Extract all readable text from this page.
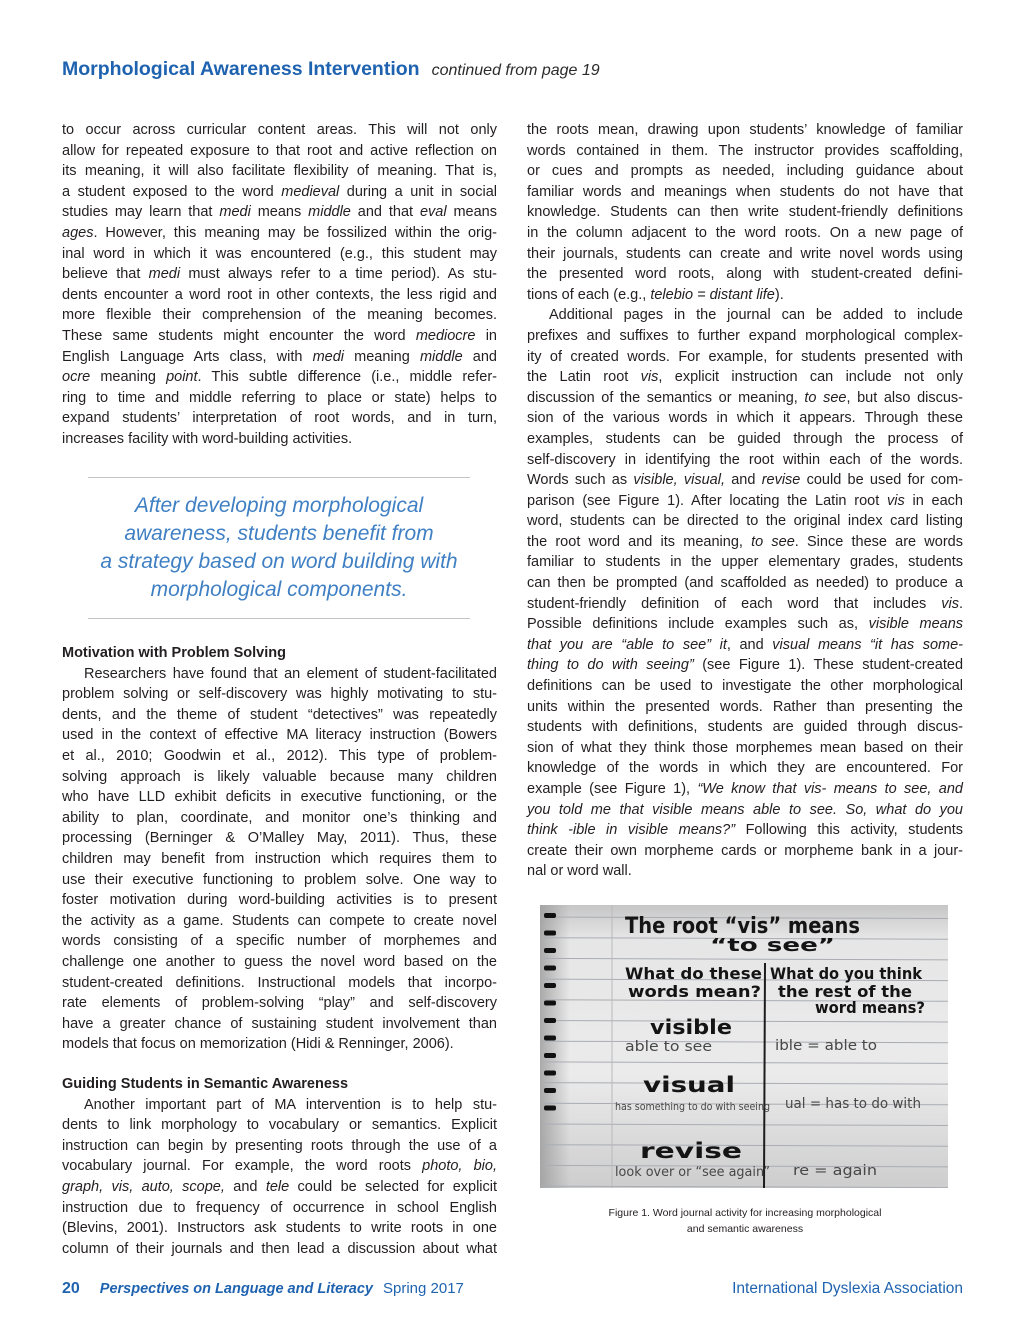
Morphological Awareness Intervention continued from page 19
to occur across curricular content areas. This will not only
allow for repeated exposure to that root and active reflection on
its meaning, it will also facilitate flexibility of meaning. That is,
a student exposed to the word medieval during a unit in social
studies may learn that medi means middle and that eval means
ages. However, this meaning may be fossilized within the orig-
inal word in which it was encountered (e.g., this student may
believe that medi must always refer to a time period). As stu-
dents encounter a word root in other contexts, the less rigid and
more flexible their comprehension of the meaning becomes.
These same students might encounter the word mediocre in
English Language Arts class, with medi meaning middle and
ocre meaning point. This subtle difference (i.e., middle refer-
ring to time and middle referring to place or state) helps to
expand students’ interpretation of root words, and in turn,
increases facility with word-building activities.
After developing morphological
awareness, students benefit from
a strategy based on word building with
morphological components.
Motivation with Problem Solving
Researchers have found that an element of student-facilitated
problem solving or self-discovery was highly motivating to stu-
dents, and the theme of student “detectives” was repeatedly
used in the context of effective MA literacy instruction (Bowers
et al., 2010; Goodwin et al., 2012). This type of problem-
solving approach is likely valuable because many children
who have LLD exhibit deficits in executive functioning, or the
ability to plan, coordinate, and monitor one’s thinking and
processing (Berninger & O’Malley May, 2011). Thus, these
children may benefit from instruction which requires them to
use their executive functioning to problem solve. One way to
foster motivation during word-building activities is to present
the activity as a game. Students can compete to create novel
words consisting of a specific number of morphemes and
challenge one another to guess the novel word based on the
student-created definitions. Instructional models that incorpo-
rate elements of problem-solving “play” and self-discovery
have a greater chance of sustaining student involvement than
models that focus on memorization (Hidi & Renninger, 2006).
Guiding Students in Semantic Awareness
Another important part of MA intervention is to help stu-
dents to link morphology to vocabulary or semantics. Explicit
instruction can begin by presenting roots through the use of a
vocabulary journal. For example, the word roots photo, bio,
graph, vis, auto, scope, and tele could be selected for explicit
instruction due to frequency of occurrence in school English
(Blevins, 2001). Instructors ask students to write roots in one
column of their journals and then lead a discussion about what
the roots mean, drawing upon students’ knowledge of familiar
words contained in them. The instructor provides scaffolding,
or cues and prompts as needed, including guidance about
familiar words and meanings when students do not have that
knowledge. Students can then write student-friendly definitions
in the column adjacent to the word roots. On a new page of
their journals, students can create and write novel words using
the presented word roots, along with student-created defini-
tions of each (e.g., telebio = distant life).
Additional pages in the journal can be added to include
prefixes and suffixes to further expand morphological complex-
ity of created words. For example, for students presented with
the Latin root vis, explicit instruction can include not only
discussion of the semantics or meaning, to see, but also discus-
sion of the various words in which it appears. Through these
examples, students can be guided through the process of
self-discovery in identifying the root within each of the words.
Words such as visible, visual, and revise could be used for com-
parison (see Figure 1). After locating the Latin root vis in each
word, students can be directed to the original index card listing
the root word and its meaning, to see. Since these are words
familiar to students in the upper elementary grades, students
can then be prompted (and scaffolded as needed) to produce a
student-friendly definition of each word that includes vis.
Possible definitions include examples such as, visible means
that you are “able to see” it, and visual means “it has some-
thing to do with seeing” (see Figure 1). These student-created
definitions can be used to investigate the other morphological
units within the presented words. Rather than presenting the
students with definitions, students are guided through discus-
sion of what they think those morphemes mean based on their
knowledge of the words in which they are encountered. For
example (see Figure 1), “We know that vis- means to see, and
you told me that visible means able to see. So, what do you
think -ible in visible means?” Following this activity, students
create their own morpheme cards or morpheme bank in a jour-
nal or word wall.
The root “vis” means
“to see”
What do these
words mean?
What do you think
the rest of the
word means?
visible
visual
revise
able to see	ible = able to
has something to do with seeing ual = has to do with
look over or “see again” re = again
Figure 1. Word journal activity for increasing morphological
and semantic awareness
20 Perspectives on Language and Literacy Spring 2017	International Dyslexia Association
